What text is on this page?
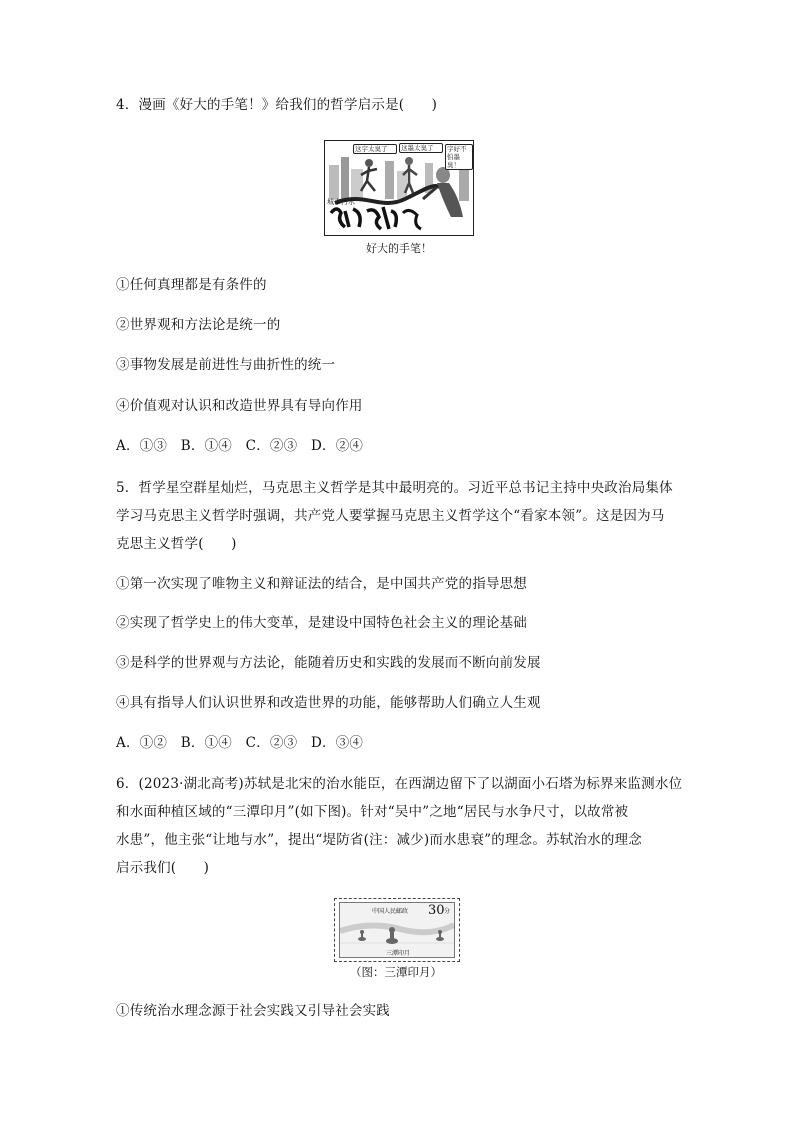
4．漫画《好大的手笔！》给我们的哲学启示是(　　)
这字太臭了	这墨太臭了	字好不怕墨臭！
城市污水
好大的手笔！
①任何真理都是有条件的
②世界观和方法论是统一的
③事物发展是前进性与曲折性的统一
④价值观对认识和改造世界具有导向作用
A．①③　B．①④　C．②③　D．②④
5．哲学星空群星灿烂，马克思主义哲学是其中最明亮的。习近平总书记主持中央政治局集体
学习马克思主义哲学时强调，共产党人要掌握马克思主义哲学这个“看家本领”。这是因为马
克思主义哲学(　　)
①第一次实现了唯物主义和辩证法的结合，是中国共产党的指导思想
②实现了哲学史上的伟大变革，是建设中国特色社会主义的理论基础
③是科学的世界观与方法论，能随着历史和实践的发展而不断向前发展
④具有指导人们认识世界和改造世界的功能，能够帮助人们确立人生观
A．①②　B．①④　C．②③　D．③④
6．(2023·湖北高考)苏轼是北宋的治水能臣，在西湖边留下了以湖面小石塔为标界来监测水位
和水面种植区域的“三潭印月”(如下图)。针对“吴中”之地“居民与水争尺寸，以故常被
水患”，他主张“让地与水”，提出“堤防省(注：减少)而水患衰”的理念。苏轼治水的理念
启示我们(　　)
中国人民邮政 30 分
三潭印月
（图：三潭印月）
①传统治水理念源于社会实践又引导社会实践
